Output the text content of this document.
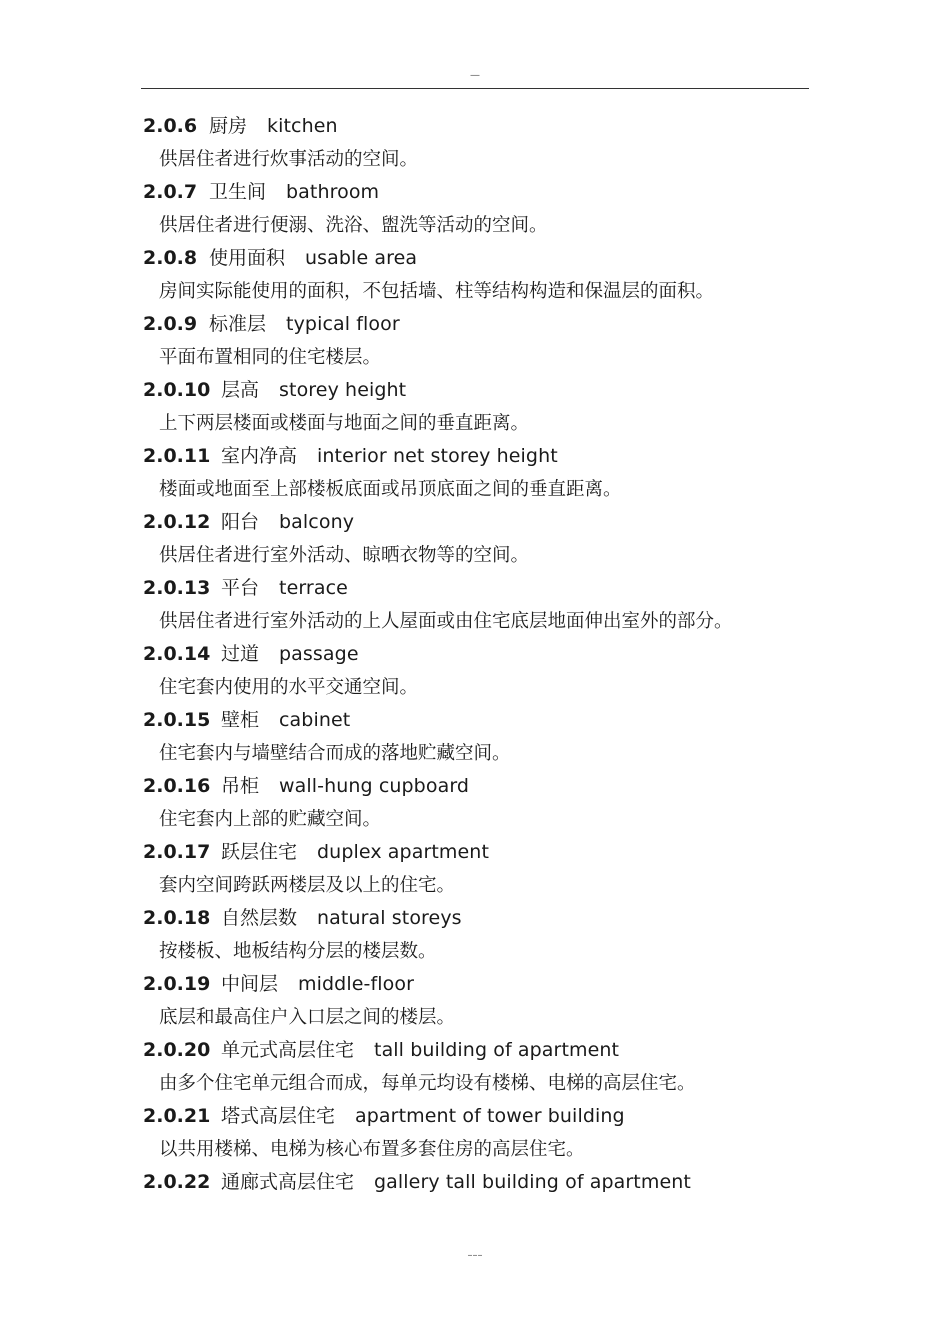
—
2.0.6 厨房 kitchen
供居住者进行炊事活动的空间。
2.0.7 卫生间 bathroom
供居住者进行便溺、洗浴、盥洗等活动的空间。
2.0.8 使用面积 usable area
房间实际能使用的面积，不包括墙、柱等结构构造和保温层的面积。
2.0.9 标准层 typical floor
平面布置相同的住宅楼层。
2.0.10 层高 storey height
上下两层楼面或楼面与地面之间的垂直距离。
2.0.11 室内净高 interior net storey height
楼面或地面至上部楼板底面或吊顶底面之间的垂直距离。
2.0.12 阳台 balcony
供居住者进行室外活动、晾晒衣物等的空间。
2.0.13 平台 terrace
供居住者进行室外活动的上人屋面或由住宅底层地面伸出室外的部分。
2.0.14 过道 passage
住宅套内使用的水平交通空间。
2.0.15 壁柜 cabinet
住宅套内与墙壁结合而成的落地贮藏空间。
2.0.16 吊柜 wall-hung cupboard
住宅套内上部的贮藏空间。
2.0.17 跃层住宅 duplex apartment
套内空间跨跃两楼层及以上的住宅。
2.0.18 自然层数 natural storeys
按楼板、地板结构分层的楼层数。
2.0.19 中间层 middle-floor
底层和最高住户入口层之间的楼层。
2.0.20 单元式高层住宅 tall building of apartment
由多个住宅单元组合而成，每单元均设有楼梯、电梯的高层住宅。
2.0.21 塔式高层住宅 apartment of tower building
以共用楼梯、电梯为核心布置多套住房的高层住宅。
2.0.22 通廊式高层住宅 gallery tall building of apartment
–––
